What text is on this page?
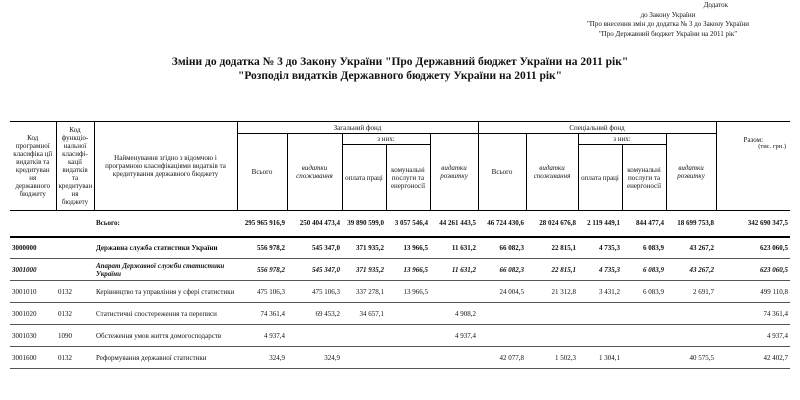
Додаток
до Закону України
"Про внесення змін до додатка № 3 до Закону України
"Про Державний бюджет України на 2011 рік"
Зміни до додатка № 3 до Закону України "Про Державний бюджет України на 2011 рік"
"Розподіл видатків Державного бюджету України на 2011 рік"
Код програмної класифіка ції видатків та кредитуван ня державного бюджету	Код функціо- нальної класифі- кації видатків та кредитуван ня бюджету	Найменування згідно з відомчою і програмною класифікаціями видатків та кредитування державного бюджету	Загальний фонд					Спеціальний фонд					Разом:
			Всього	видатки споживання	з них:		видатки розвитку	Всього	видатки споживання	з них:		видатки розвитку	
					оплата праці	комунальні послуги та енергоносії				оплата праці	комунальні послуги та енергоносії		
		Всього:	295 965 916,9	250 404 473,4	39 890 599,0	3 057 546,4	44 261 443,5	46 724 430,6	28 024 676,8	2 119 449,1	844 477,4	18 699 753,8	342 690 347,5
3000000		Державна служба статистики України	556 978,2	545 347,0	371 935,2	13 966,5	11 631,2	66 082,3	22 815,1	4 735,3	6 083,9	43 267,2	623 060,5
3001000		Апарат Державної служби статистики України	556 978,2	545 347,0	371 935,2	13 966,5	11 631,2	66 082,3	22 815,1	4 735,3	6 083,9	43 267,2	623 060,5
3001010	0132	Керівництво та управління у сфері статистики	475 106,3	475 106,3	337 278,1	13 966,5		24 004,5	21 312,8	3 431,2	6 083,9	2 691,7	499 110,8
3001020	0132	Статистичні спостереження та переписи	74 361,4	69 453,2	34 657,1		4 908,2						74 361,4
3001030	1090	Обстеження умов життя домогосподарств	4 937,4				4 937,4						4 937,4
3001600	0132	Реформування державної статистики	324,9	324,9				42 077,8	1 502,3	1 304,1		40 575,5	42 402,7
(тис. грн.)
